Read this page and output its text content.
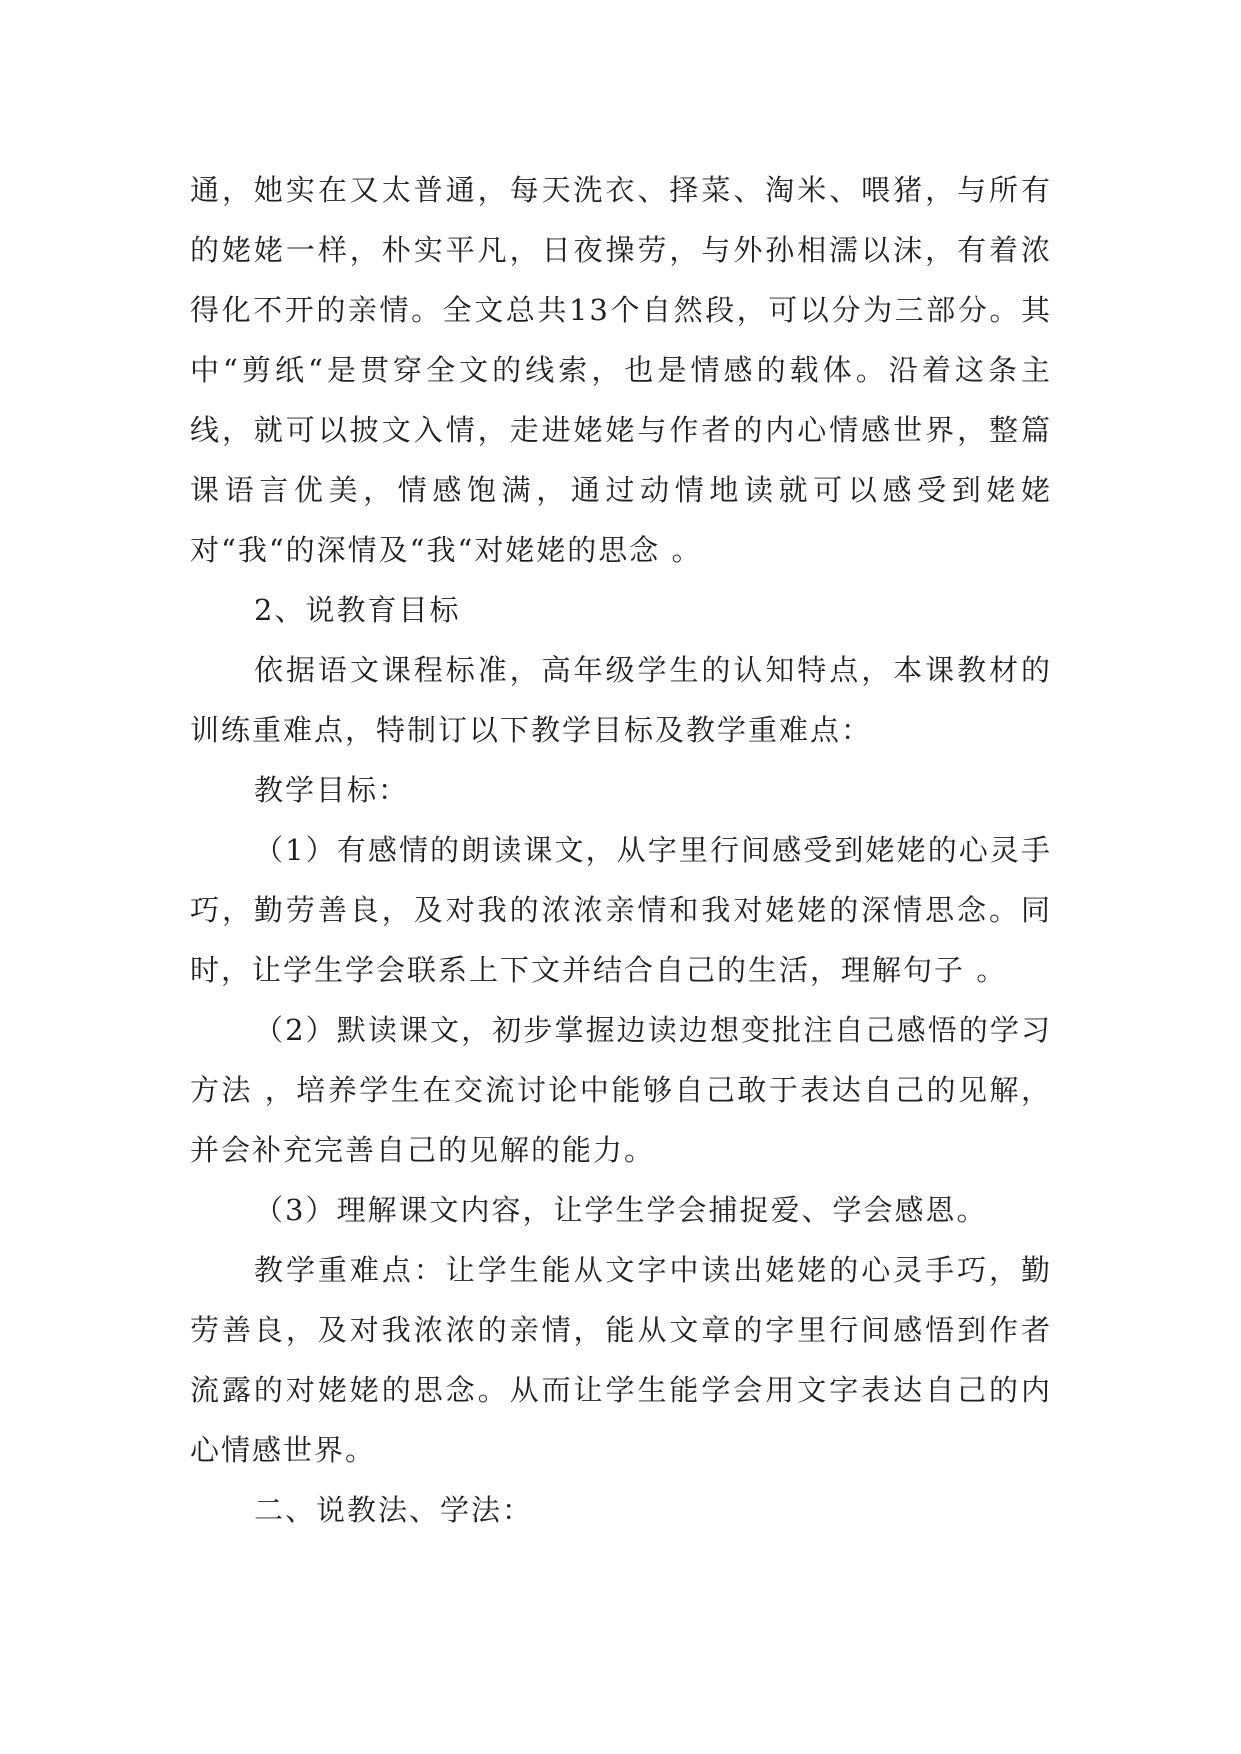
通，她实在又太普通，每天洗衣、择菜、淘米、喂猪，与所有的姥姥一样，朴实平凡，日夜操劳，与外孙相濡以沫，有着浓得化不开的亲情。全文总共13个自然段，可以分为三部分。其中“剪纸“是贯穿全文的线索，也是情感的载体。沿着这条主线，就可以披文入情，走进姥姥与作者的内心情感世界，整篇课语言优美，情感饱满，通过动情地读就可以感受到姥姥对“我“的深情及“我“对姥姥的思念 。

2、说教育目标

依据语文课程标准，高年级学生的认知特点，本课教材的训练重难点，特制订以下教学目标及教学重难点：

教学目标：

（1）有感情的朗读课文，从字里行间感受到姥姥的心灵手巧，勤劳善良，及对我的浓浓亲情和我对姥姥的深情思念。同时，让学生学会联系上下文并结合自己的生活，理解句子 。

（2）默读课文，初步掌握边读边想变批注自己感悟的学习方法 ，培养学生在交流讨论中能够自己敢于表达自己的见解，并会补充完善自己的见解的能力。

（3）理解课文内容，让学生学会捕捉爱、学会感恩。

教学重难点：让学生能从文字中读出姥姥的心灵手巧，勤劳善良，及对我浓浓的亲情，能从文章的字里行间感悟到作者流露的对姥姥的思念。从而让学生能学会用文字表达自己的内心情感世界。

二、说教法、学法：
